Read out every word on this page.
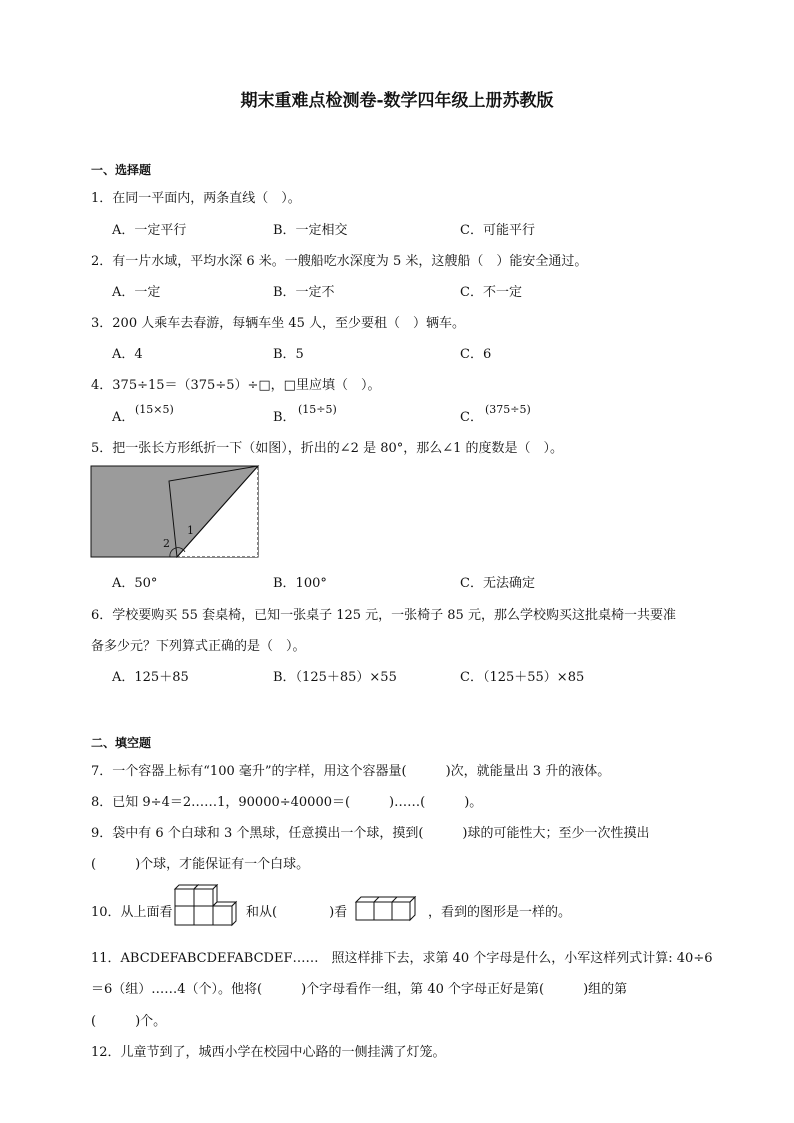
期末重难点检测卷-数学四年级上册苏教版
一、选择题
1．在同一平面内，两条直线（　）。
A．一定平行	B．一定相交	C．可能平行
2．有一片水域，平均水深 6 米。一艘船吃水深度为 5 米，这艘船（　）能安全通过。
A．一定	B．一定不	C．不一定
3．200 人乘车去春游，每辆车坐 45 人，至少要租（　）辆车。
A．4	B．5	C．6
4．375÷15＝（375÷5）÷□，□里应填（　）。
A．
(15×5)
B．
(15÷5)
C．
(375÷5)
5．把一张长方形纸折一下（如图），折出的∠2 是 80°，那么∠1 的度数是（　）。
1
2
A．50°	B．100°	C．无法确定
6．学校要购买 55 套桌椅，已知一张桌子 125 元，一张椅子 85 元，那么学校购买这批桌椅一共要准
备多少元？下列算式正确的是（　）。
A．125＋85	B．（125＋85）×55	C．（125＋55）×85
二、填空题
7．一个容器上标有“100 毫升”的字样，用这个容器量(　　　)次，就能量出 3 升的液体。
8．已知 9÷4＝2……1，90000÷40000＝(　　　)……(　　　)。
9．袋中有 6 个白球和 3 个黑球，任意摸出一个球，摸到(　　　)球的可能性大；至少一次性摸出
(　　　)个球，才能保证有一个白球。
10．从上面看	和从(　　　　)看	，看到的图形是一样的。
11．ABCDEFABCDEFABCDEF……　照这样排下去，求第 40 个字母是什么，小军这样列式计算: 40÷6
＝6（组）……4（个）。他将(　　　)个字母看作一组，第 40 个字母正好是第(　　　)组的第
(　　　)个。
12．儿童节到了，城西小学在校园中心路的一侧挂满了灯笼。
